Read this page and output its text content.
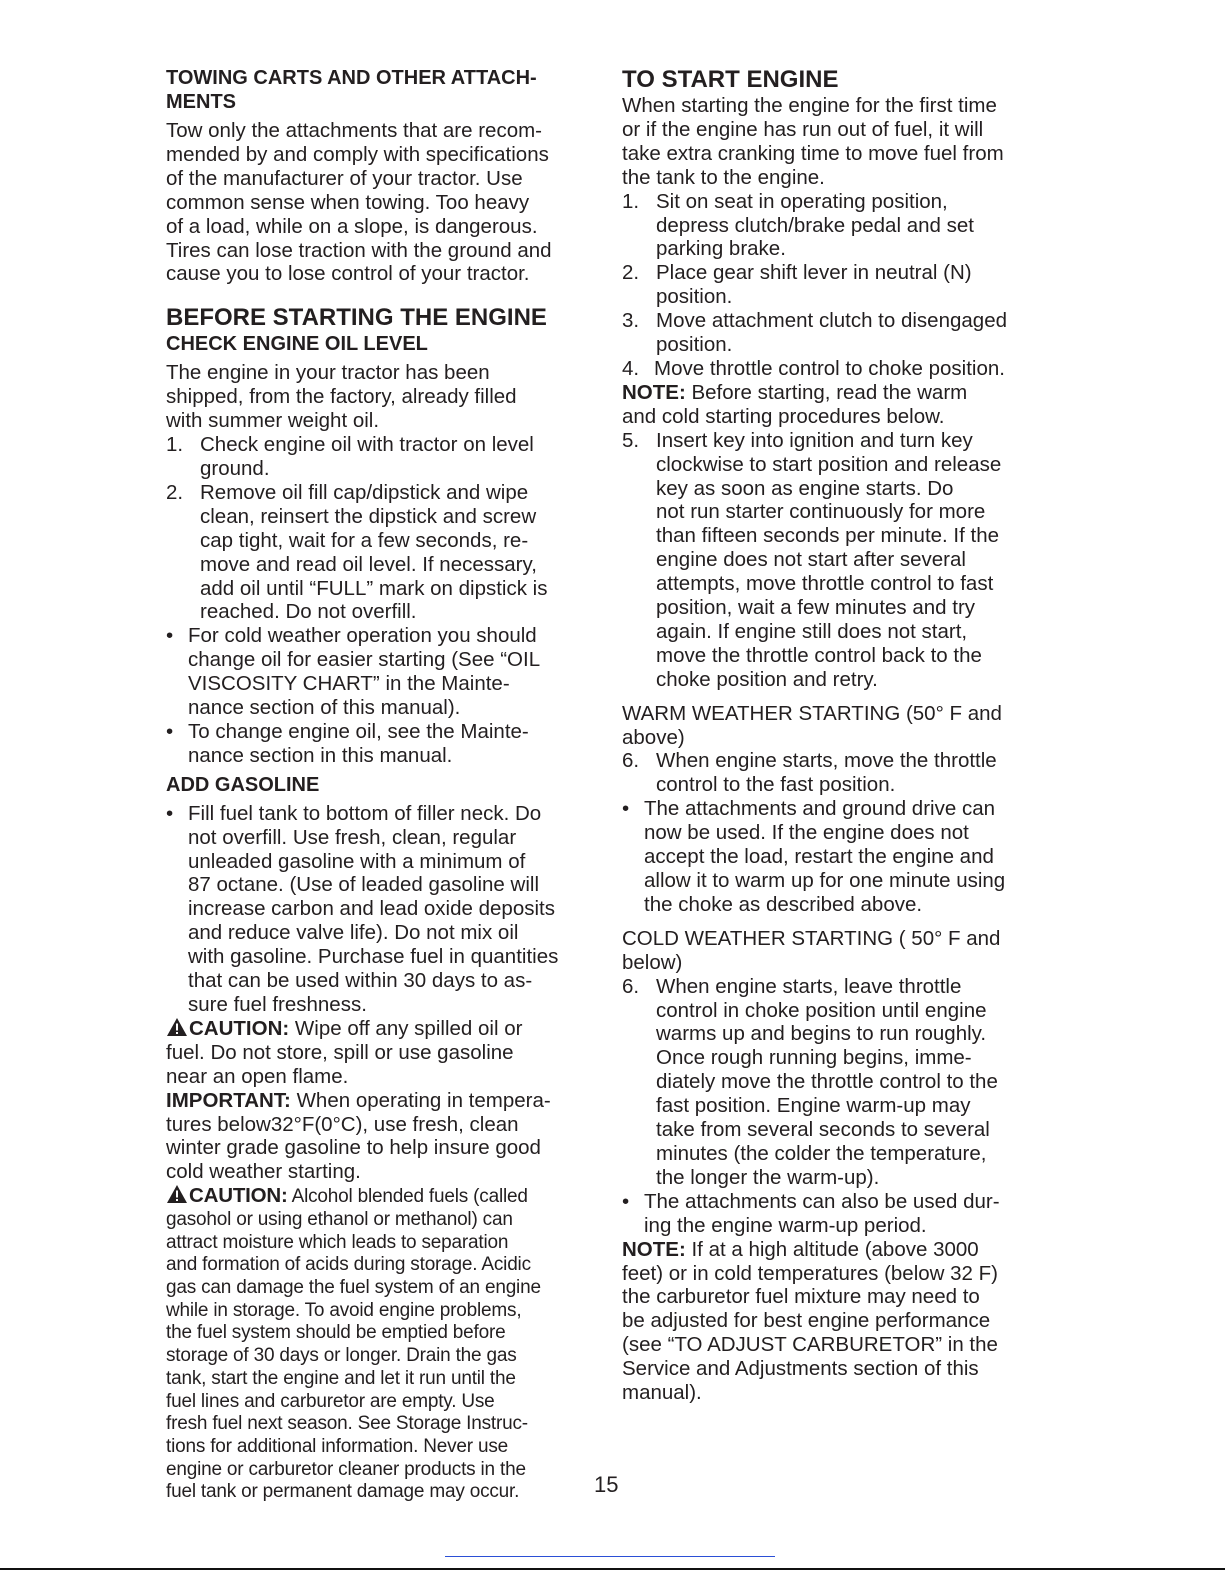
TOWING CARTS AND OTHER ATTACH-
MENTS

Tow only the attachments that are recom-
mended by and comply with specifications
of the manufacturer of your tractor. Use
common sense when towing. Too heavy
of a load, while on a slope, is dangerous.
Tires can lose traction with the ground and
cause you to lose control of your tractor.

BEFORE STARTING THE ENGINE

CHECK ENGINE OIL LEVEL

The engine in your tractor has been
shipped, from the factory, already filled
with summer weight oil.

1. Check engine oil with tractor on level
ground.
2. Remove oil fill cap/dipstick and wipe
clean, reinsert the dipstick and screw
cap tight, wait for a few seconds, re-
move and read oil level. If necessary,
add oil until “FULL” mark on dipstick is
reached. Do not overfill.
• For cold weather operation you should
change oil for easier starting (See “OIL
VISCOSITY CHART” in the Mainte-
nance section of this manual).
• To change engine oil, see the Mainte-
nance section in this manual.

ADD GASOLINE

• Fill fuel tank to bottom of filler neck. Do
not overfill. Use fresh, clean, regular
unleaded gasoline with a minimum of
87 octane. (Use of leaded gasoline will
increase carbon and lead oxide deposits
and reduce valve life). Do not mix oil
with gasoline. Purchase fuel in quantities
that can be used within 30 days to as-
sure fuel freshness.

CAUTION: Wipe off any spilled oil or
fuel. Do not store, spill or use gasoline
near an open flame.

IMPORTANT: When operating in tempera-
tures below32°F(0°C), use fresh, clean
winter grade gasoline to help insure good
cold weather starting.

CAUTION: Alcohol blended fuels (called
gasohol or using ethanol or methanol) can
attract moisture which leads to separation
and formation of acids during storage. Acidic
gas can damage the fuel system of an engine
while in storage. To avoid engine problems,
the fuel system should be emptied before
storage of 30 days or longer. Drain the gas
tank, start the engine and let it run until the
fuel lines and carburetor are empty. Use
fresh fuel next season. See Storage Instruc-
tions for additional information. Never use
engine or carburetor cleaner products in the
fuel tank or permanent damage may occur.

TO START ENGINE

When starting the engine for the first time
or if the engine has run out of fuel, it will
take extra cranking time to move fuel from
the tank to the engine.

1. Sit on seat in operating position,
depress clutch/brake pedal and set
parking brake.
2. Place gear shift lever in neutral (N)
position.
3. Move attachment clutch to disengaged
position.
4. Move throttle control to choke position.

NOTE: Before starting, read the warm
and cold starting procedures below.

5. Insert key into ignition and turn key
clockwise to start position and release
key as soon as engine starts. Do
not run starter continuously for more
than fifteen seconds per minute. If the
engine does not start after several
attempts, move throttle control to fast
position, wait a few minutes and try
again. If engine still does not start,
move the throttle control back to the
choke position and retry.

WARM WEATHER STARTING (50° F and
above)

6. When engine starts, move the throttle
control to the fast position.
• The attachments and ground drive can
now be used. If the engine does not
accept the load, restart the engine and
allow it to warm up for one minute using
the choke as described above.

COLD WEATHER STARTING ( 50° F and
below)

6. When engine starts, leave throttle
control in choke position until engine
warms up and begins to run roughly.
Once rough running begins, imme-
diately move the throttle control to the
fast position. Engine warm-up may
take from several seconds to several
minutes (the colder the temperature,
the longer the warm-up).
• The attachments can also be used dur-
ing the engine warm-up period.

NOTE: If at a high altitude (above 3000
feet) or in cold temperatures (below 32 F)
the carburetor fuel mixture may need to
be adjusted for best engine performance
(see “TO ADJUST CARBURETOR” in the
Service and Adjustments section of this
manual).

15
